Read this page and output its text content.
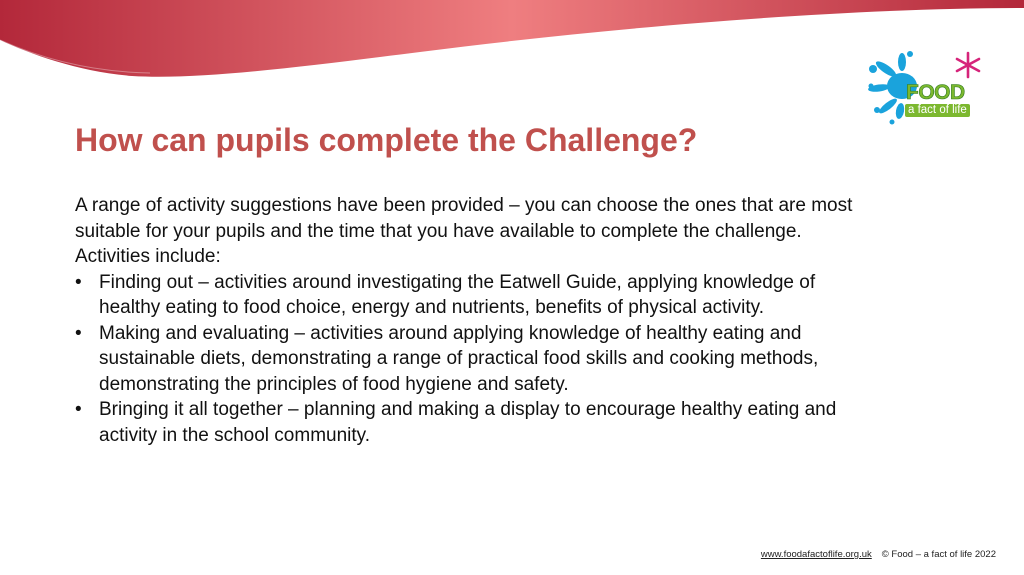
FOOD
a fact of life
How can pupils complete the Challenge?

A range of activity suggestions have been provided – you can choose the ones that are most suitable for your pupils and the time that you have available to complete the challenge.

Activities include:

• Finding out – activities around investigating the Eatwell Guide, applying knowledge of healthy eating to food choice, energy and nutrients, benefits of physical activity.
• Making and evaluating – activities around applying knowledge of healthy eating and sustainable diets, demonstrating a range of practical food skills and cooking methods, demonstrating the principles of food hygiene and safety.
• Bringing it all together – planning and making a display to encourage healthy eating and activity in the school community.
www.foodafactoflife.org.uk © Food – a fact of life 2022
